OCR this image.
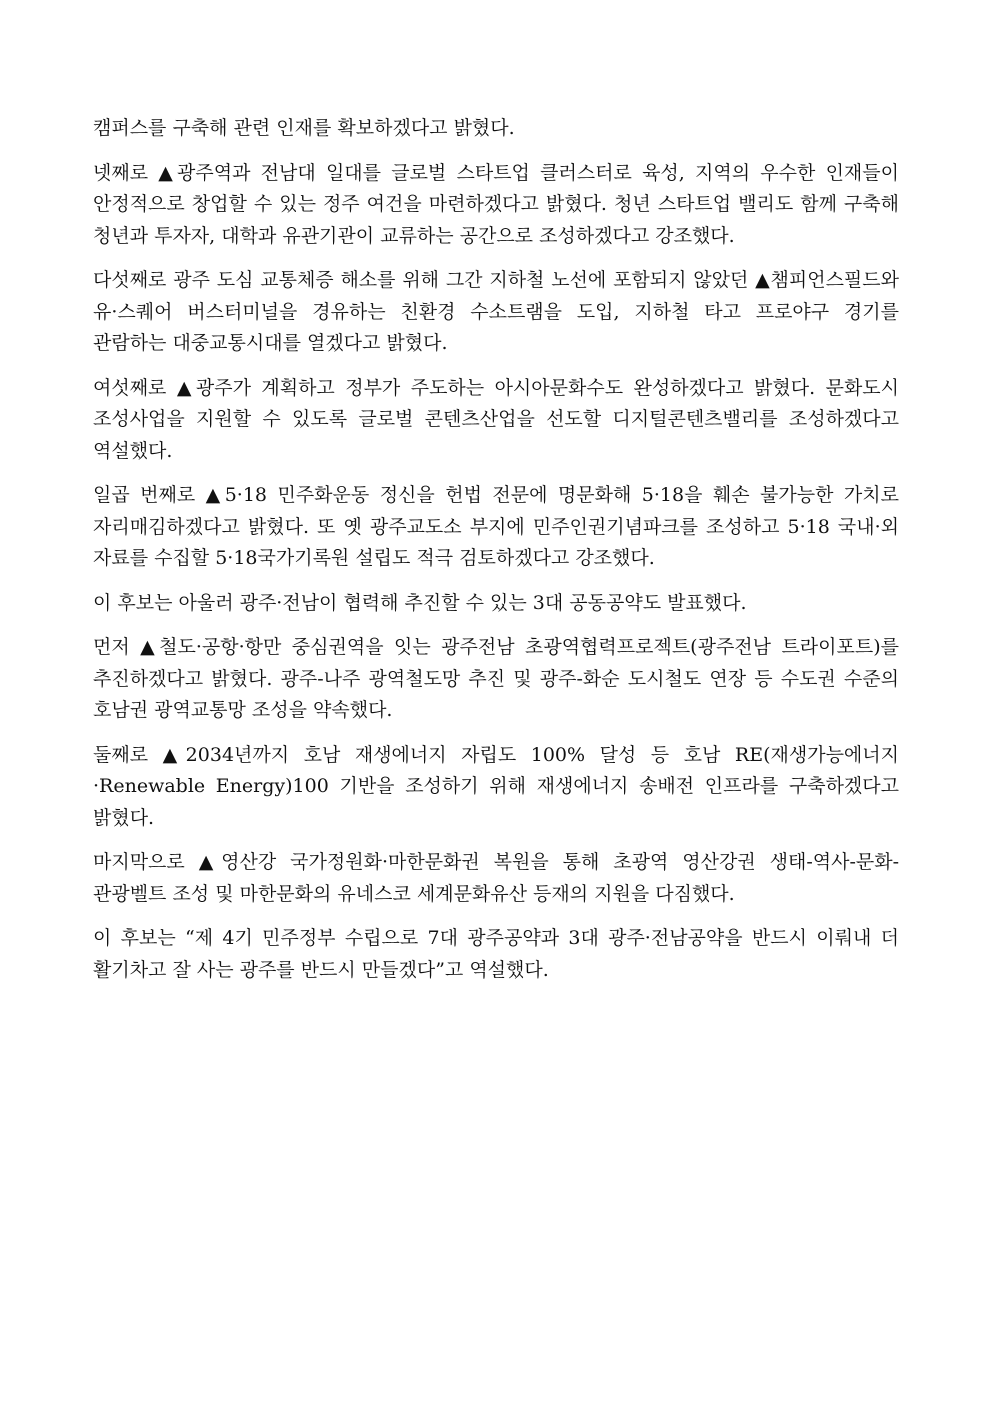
캠퍼스를 구축해 관련 인재를 확보하겠다고 밝혔다.

넷째로 ▲광주역과 전남대 일대를 글로벌 스타트업 클러스터로 육성, 지역의 우수한 인재들이 안정적으로 창업할 수 있는 정주 여건을 마련하겠다고 밝혔다. 청년 스타트업 밸리도 함께 구축해 청년과 투자자, 대학과 유관기관이 교류하는 공간으로 조성하겠다고 강조했다.

다섯째로 광주 도심 교통체증 해소를 위해 그간 지하철 노선에 포함되지 않았던 ▲챔피언스필드와 유·스퀘어 버스터미널을 경유하는 친환경 수소트램을 도입, 지하철 타고 프로야구 경기를 관람하는 대중교통시대를 열겠다고 밝혔다.

여섯째로 ▲광주가 계획하고 정부가 주도하는 아시아문화수도 완성하겠다고 밝혔다. 문화도시 조성사업을 지원할 수 있도록 글로벌 콘텐츠산업을 선도할 디지털콘텐츠밸리를 조성하겠다고 역설했다.

일곱 번째로 ▲5·18 민주화운동 정신을 헌법 전문에 명문화해 5·18을 훼손 불가능한 가치로 자리매김하겠다고 밝혔다. 또 옛 광주교도소 부지에 민주인권기념파크를 조성하고 5·18 국내·외 자료를 수집할 5·18국가기록원 설립도 적극 검토하겠다고 강조했다.

이 후보는 아울러 광주·전남이 협력해 추진할 수 있는 3대 공동공약도 발표했다.

먼저 ▲철도·공항·항만 중심권역을 잇는 광주전남 초광역협력프로젝트(광주전남 트라이포트)를 추진하겠다고 밝혔다. 광주-나주 광역철도망 추진 및 광주-화순 도시철도 연장 등 수도권 수준의 호남권 광역교통망 조성을 약속했다.

둘째로 ▲2034년까지 호남 재생에너지 자립도 100% 달성 등 호남 RE(재생가능에너지·Renewable Energy)100 기반을 조성하기 위해 재생에너지 송배전 인프라를 구축하겠다고 밝혔다.

마지막으로 ▲영산강 국가정원화·마한문화권 복원을 통해 초광역 영산강권 생태-역사-문화-관광벨트 조성 및 마한문화의 유네스코 세계문화유산 등재의 지원을 다짐했다.

이 후보는 “제 4기 민주정부 수립으로 7대 광주공약과 3대 광주·전남공약을 반드시 이뤄내 더 활기차고 잘 사는 광주를 반드시 만들겠다”고 역설했다.
